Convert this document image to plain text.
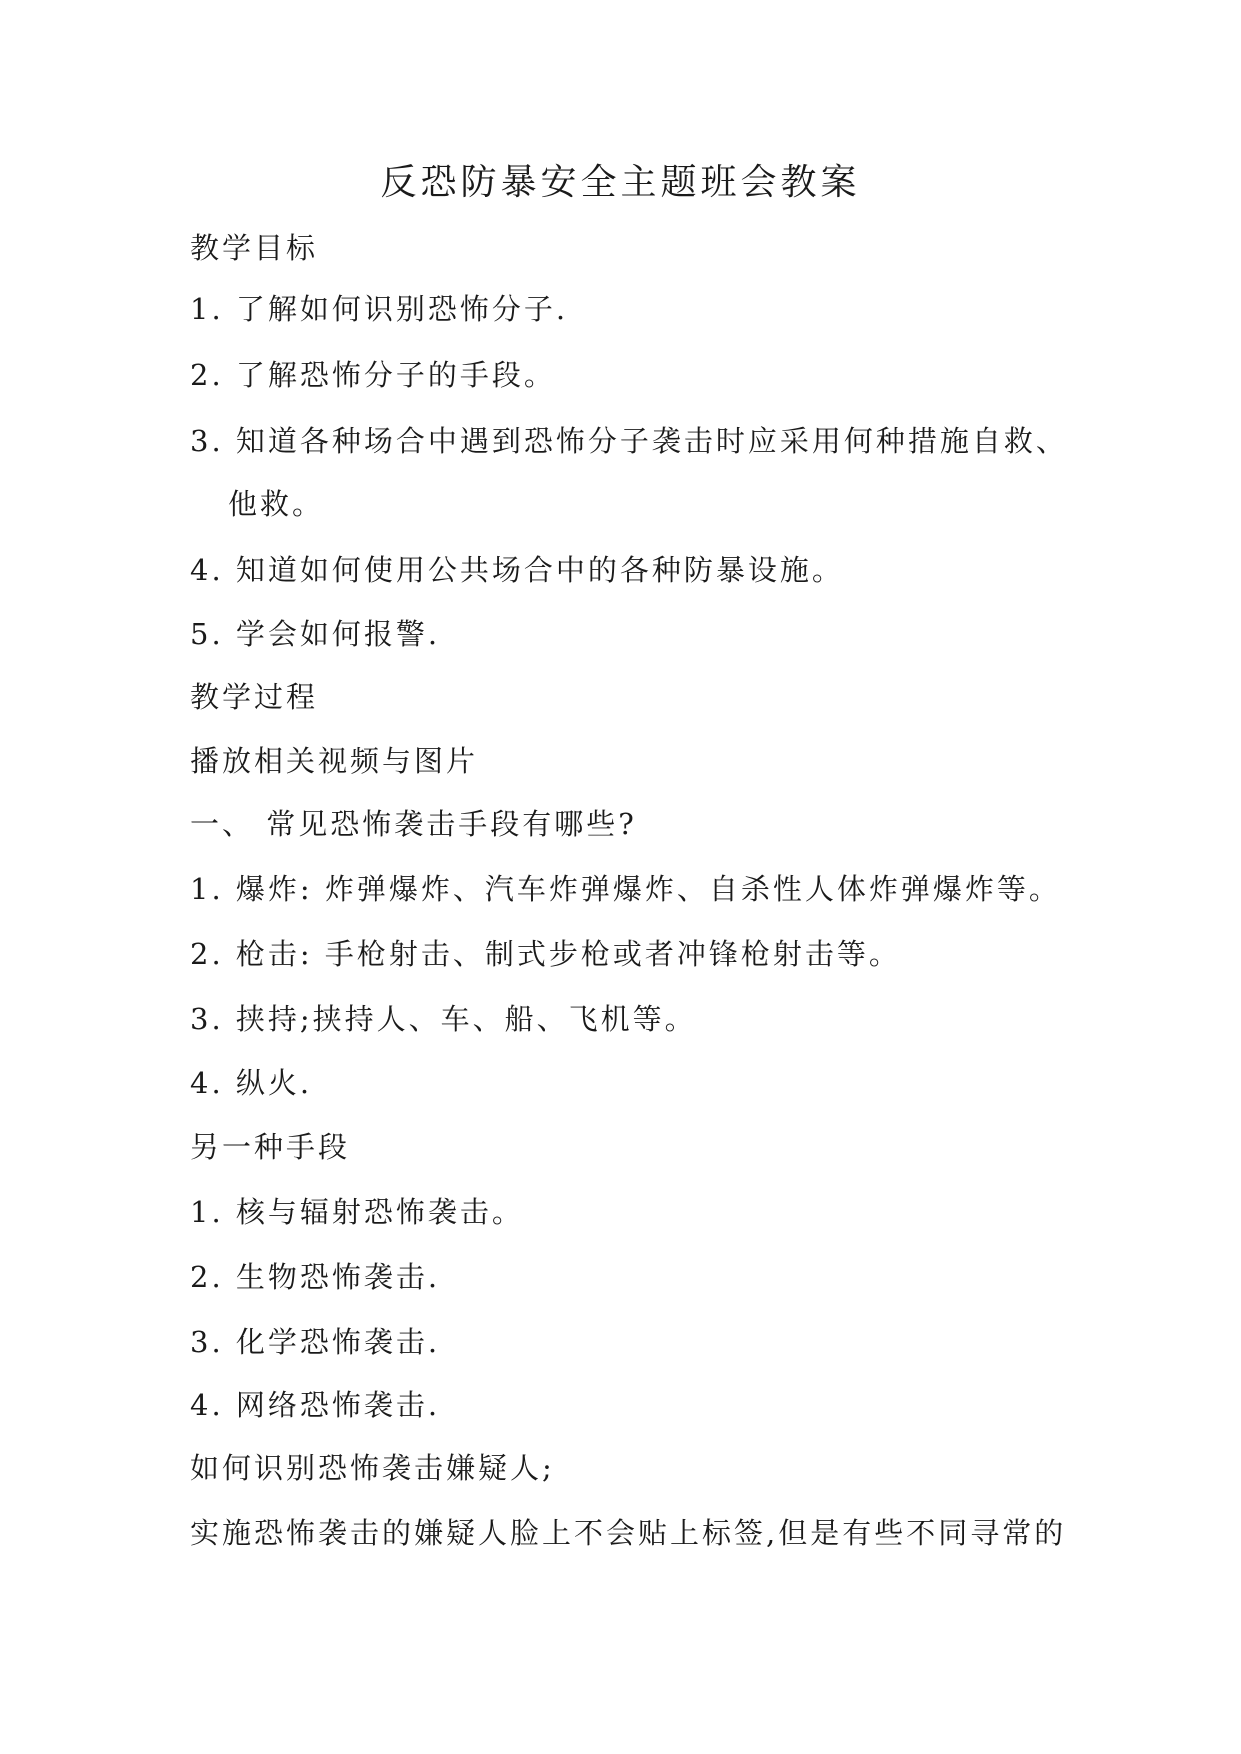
反恐防暴安全主题班会教案
教学目标
1. 了解如何识别恐怖分子.
2. 了解恐怖分子的手段。
3. 知道各种场合中遇到恐怖分子袭击时应采用何种措施自救、
他救。
4. 知道如何使用公共场合中的各种防暴设施。
5. 学会如何报警.
教学过程
播放相关视频与图片
一、 常见恐怖袭击手段有哪些?
1. 爆炸: 炸弹爆炸、汽车炸弹爆炸、自杀性人体炸弹爆炸等。
2. 枪击: 手枪射击、制式步枪或者冲锋枪射击等。
3. 挟持;挟持人、车、船、飞机等。
4. 纵火.
另一种手段
1. 核与辐射恐怖袭击。
2. 生物恐怖袭击.
3. 化学恐怖袭击.
4. 网络恐怖袭击.
如何识别恐怖袭击嫌疑人;
实施恐怖袭击的嫌疑人脸上不会贴上标签,但是有些不同寻常的
